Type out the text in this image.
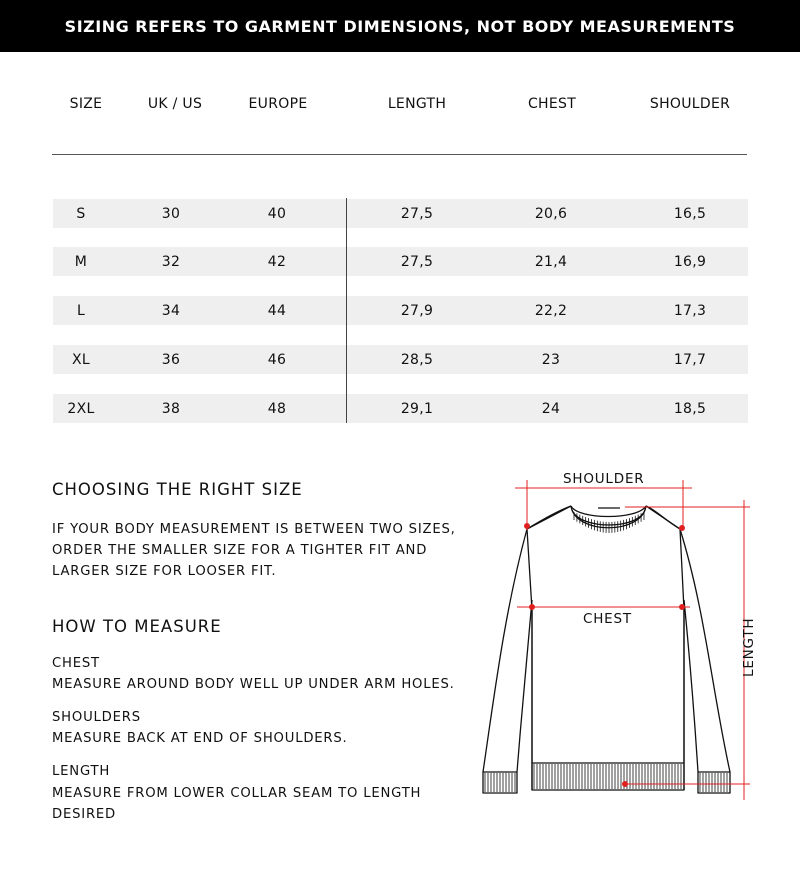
SIZING REFERS TO GARMENT DIMENSIONS, NOT BODY MEASUREMENTS
SIZE	UK / US	EUROPE	LENGTH	CHEST	SHOULDER
S	30	40	27,5	20,6	16,5
M	32	42	27,5	21,4	16,9
L	34	44	27,9	22,2	17,3
XL	36	46	28,5	23	17,7
2XL	38	48	29,1	24	18,5
CHOOSING THE RIGHT SIZE
IF YOUR BODY MEASUREMENT IS BETWEEN TWO SIZES,
ORDER THE SMALLER SIZE FOR A TIGHTER FIT AND
LARGER SIZE FOR LOOSER FIT.
HOW TO MEASURE
CHEST
MEASURE AROUND BODY WELL UP UNDER ARM HOLES.
SHOULDERS
MEASURE BACK AT END OF SHOULDERS.
LENGTH
MEASURE FROM LOWER COLLAR SEAM TO LENGTH
DESIRED
SHOULDER
CHEST	LENGTH
